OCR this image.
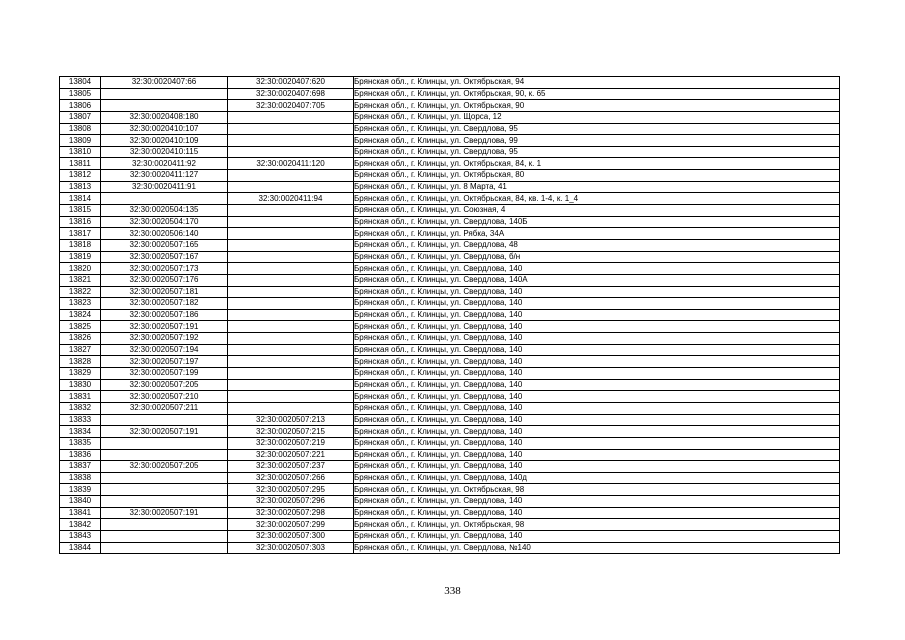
13804	32:30:0020407:66	32:30:0020407:620	Брянская обл., г. Клинцы, ул. Октябрьская, 94
13805		32:30:0020407:698	Брянская обл., г. Клинцы, ул. Октябрьская, 90, к. 65
13806		32:30:0020407:705	Брянская обл., г. Клинцы, ул. Октябрьская, 90
13807	32:30:0020408:180		Брянская обл., г. Клинцы, ул. Щорса, 12
13808	32:30:0020410:107		Брянская обл., г. Клинцы, ул. Свердлова, 95
13809	32:30:0020410:109		Брянская обл., г. Клинцы, ул. Свердлова, 99
13810	32:30:0020410:115		Брянская обл., г. Клинцы, ул. Свердлова, 95
13811	32:30:0020411:92	32:30:0020411:120	Брянская обл., г. Клинцы, ул. Октябрьская, 84, к. 1
13812	32:30:0020411:127		Брянская обл., г. Клинцы, ул. Октябрьская, 80
13813	32:30:0020411:91		Брянская обл., г. Клинцы, ул. 8 Марта, 41
13814		32:30:0020411:94	Брянская обл., г. Клинцы, ул. Октябрьская, 84, кв. 1-4, к. 1_4
13815	32:30:0020504:135		Брянская обл., г. Клинцы, ул. Союзная, 4
13816	32:30:0020504:170		Брянская обл., г. Клинцы, ул. Свердлова, 140Б
13817	32:30:0020506:140		Брянская обл., г. Клинцы, ул. Рябка, 34А
13818	32:30:0020507:165		Брянская обл., г. Клинцы, ул. Свердлова, 48
13819	32:30:0020507:167		Брянская обл., г. Клинцы, ул. Свердлова, б/н
13820	32:30:0020507:173		Брянская обл., г. Клинцы, ул. Свердлова, 140
13821	32:30:0020507:176		Брянская обл., г. Клинцы, ул. Свердлова, 140А
13822	32:30:0020507:181		Брянская обл., г. Клинцы, ул. Свердлова, 140
13823	32:30:0020507:182		Брянская обл., г. Клинцы, ул. Свердлова, 140
13824	32:30:0020507:186		Брянская обл., г. Клинцы, ул. Свердлова, 140
13825	32:30:0020507:191		Брянская обл., г. Клинцы, ул. Свердлова, 140
13826	32:30:0020507:192		Брянская обл., г. Клинцы, ул. Свердлова, 140
13827	32:30:0020507:194		Брянская обл., г. Клинцы, ул. Свердлова, 140
13828	32:30:0020507:197		Брянская обл., г. Клинцы, ул. Свердлова, 140
13829	32:30:0020507:199		Брянская обл., г. Клинцы, ул. Свердлова, 140
13830	32:30:0020507:205		Брянская обл., г. Клинцы, ул. Свердлова, 140
13831	32:30:0020507:210		Брянская обл., г. Клинцы, ул. Свердлова, 140
13832	32:30:0020507:211		Брянская обл., г. Клинцы, ул. Свердлова, 140
13833		32:30:0020507:213	Брянская обл., г. Клинцы, ул. Свердлова, 140
13834	32:30:0020507:191	32:30:0020507:215	Брянская обл., г. Клинцы, ул. Свердлова, 140
13835		32:30:0020507:219	Брянская обл., г. Клинцы, ул. Свердлова, 140
13836		32:30:0020507:221	Брянская обл., г. Клинцы, ул. Свердлова, 140
13837	32:30:0020507:205	32:30:0020507:237	Брянская обл., г. Клинцы, ул. Свердлова, 140
13838		32:30:0020507:266	Брянская обл., г. Клинцы, ул. Свердлова, 140д
13839		32:30:0020507:295	Брянская обл., г. Клинцы, ул. Октябрьская, 98
13840		32:30:0020507:296	Брянская обл., г. Клинцы, ул. Свердлова, 140
13841	32:30:0020507:191	32:30:0020507:298	Брянская обл., г. Клинцы, ул. Свердлова, 140
13842		32:30:0020507:299	Брянская обл., г. Клинцы, ул. Октябрьская, 98
13843		32:30:0020507:300	Брянская обл., г. Клинцы, ул. Свердлова, 140
13844		32:30:0020507:303	Брянская обл., г. Клинцы, ул. Свердлова, №140
338
